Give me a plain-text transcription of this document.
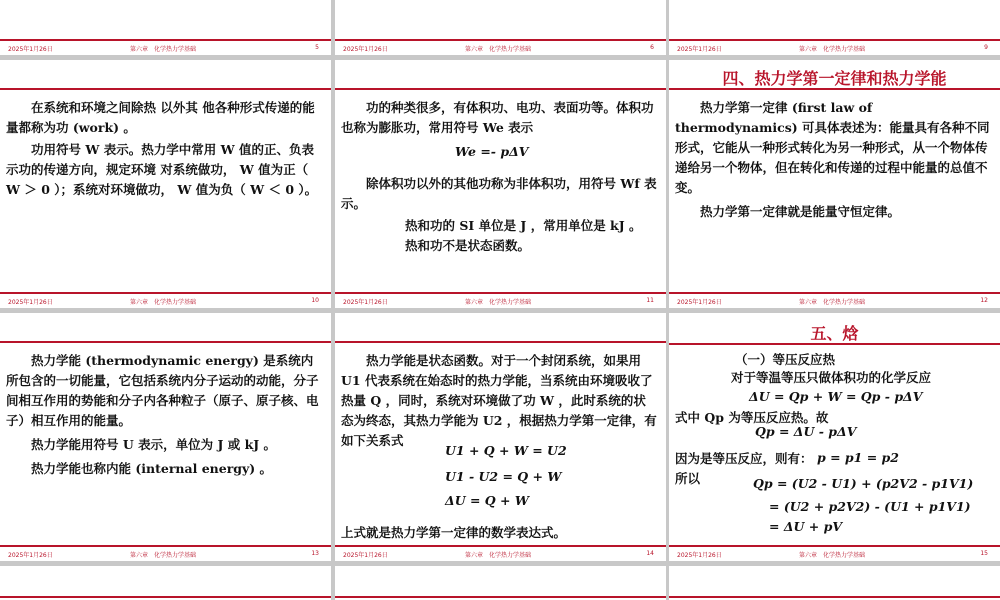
2025年1月26日	第六章　化学热力学基础	5	2025年1月26日	第六章　化学热力学基础	6	2025年1月26日	第六章　化学热力学基础	9

在系统和环境之间除热 以外其 他各种形式传递的能量都称为功 (work) 。

功用符号 W 表示。热力学中常用 W 值的正、负表示功的传递方向，规定环境 对系统做功， W 值为正（ W ＞ 0 ）；系统对环境做功， W 值为负（ W ＜ 0 ）。

2025年1月26日	第六章　化学热力学基础	10

功的种类很多，有体积功、电功、表面功等。体积功也称为膨胀功，常用符号 We 表示

We =- pΔV

除体积功以外的其他功称为非体积功，用符号 Wf 表示。

热和功的 SI 单位是 J ，常用单位是 kJ 。

热和功不是状态函数。

2025年1月26日	第六章　化学热力学基础	11
四、热力学第一定律和热力学能

热力学第一定律 (first law of thermodynamics) 可具体表述为：能量具有各种不同形式，它能从一种形式转化为另一种形式，从一个物体传递给另一个物体，但在转化和传递的过程中能量的总值不变。

热力学第一定律就是能量守恒定律。

2025年1月26日	第六章　化学热力学基础	12

热力学能 (thermodynamic energy) 是系统内所包含的一切能量，它包括系统内分子运动的动能，分子间相互作用的势能和分子内各种粒子（原子、原子核、电子）相互作用的能量。

热力学能用符号 U 表示，单位为 J 或 kJ 。

热力学能也称内能 (internal energy) 。

2025年1月26日	第六章　化学热力学基础	13

热力学能是状态函数。对于一个封闭系统，如果用 U1 代表系统在始态时的热力学能，当系统由环境吸收了热量 Q ，同时，系统对环境做了功 W ，此时系统的状态为终态，其热力学能为 U2 ，根据热力学第一定律，有如下关系式

U1 + Q + W = U2
U1 - U2 = Q + W
ΔU = Q + W

上式就是热力学第一定律的数学表达式。

2025年1月26日	第六章　化学热力学基础	14
五、焓

（一）等压反应热

对于等温等压只做体积功的化学反应

ΔU = Qp + W = Qp - pΔV

式中 Qp 为等压反应热。故

Qp = ΔU - pΔV

因为是等压反应，则有： p = p1 = p2

所以	Qp = (U2 - U1) + (p2V2 - p1V1)
= (U2 + p2V2) - (U1 + p1V1)
= ΔU + pV
2025年1月26日	第六章　化学热力学基础	15
